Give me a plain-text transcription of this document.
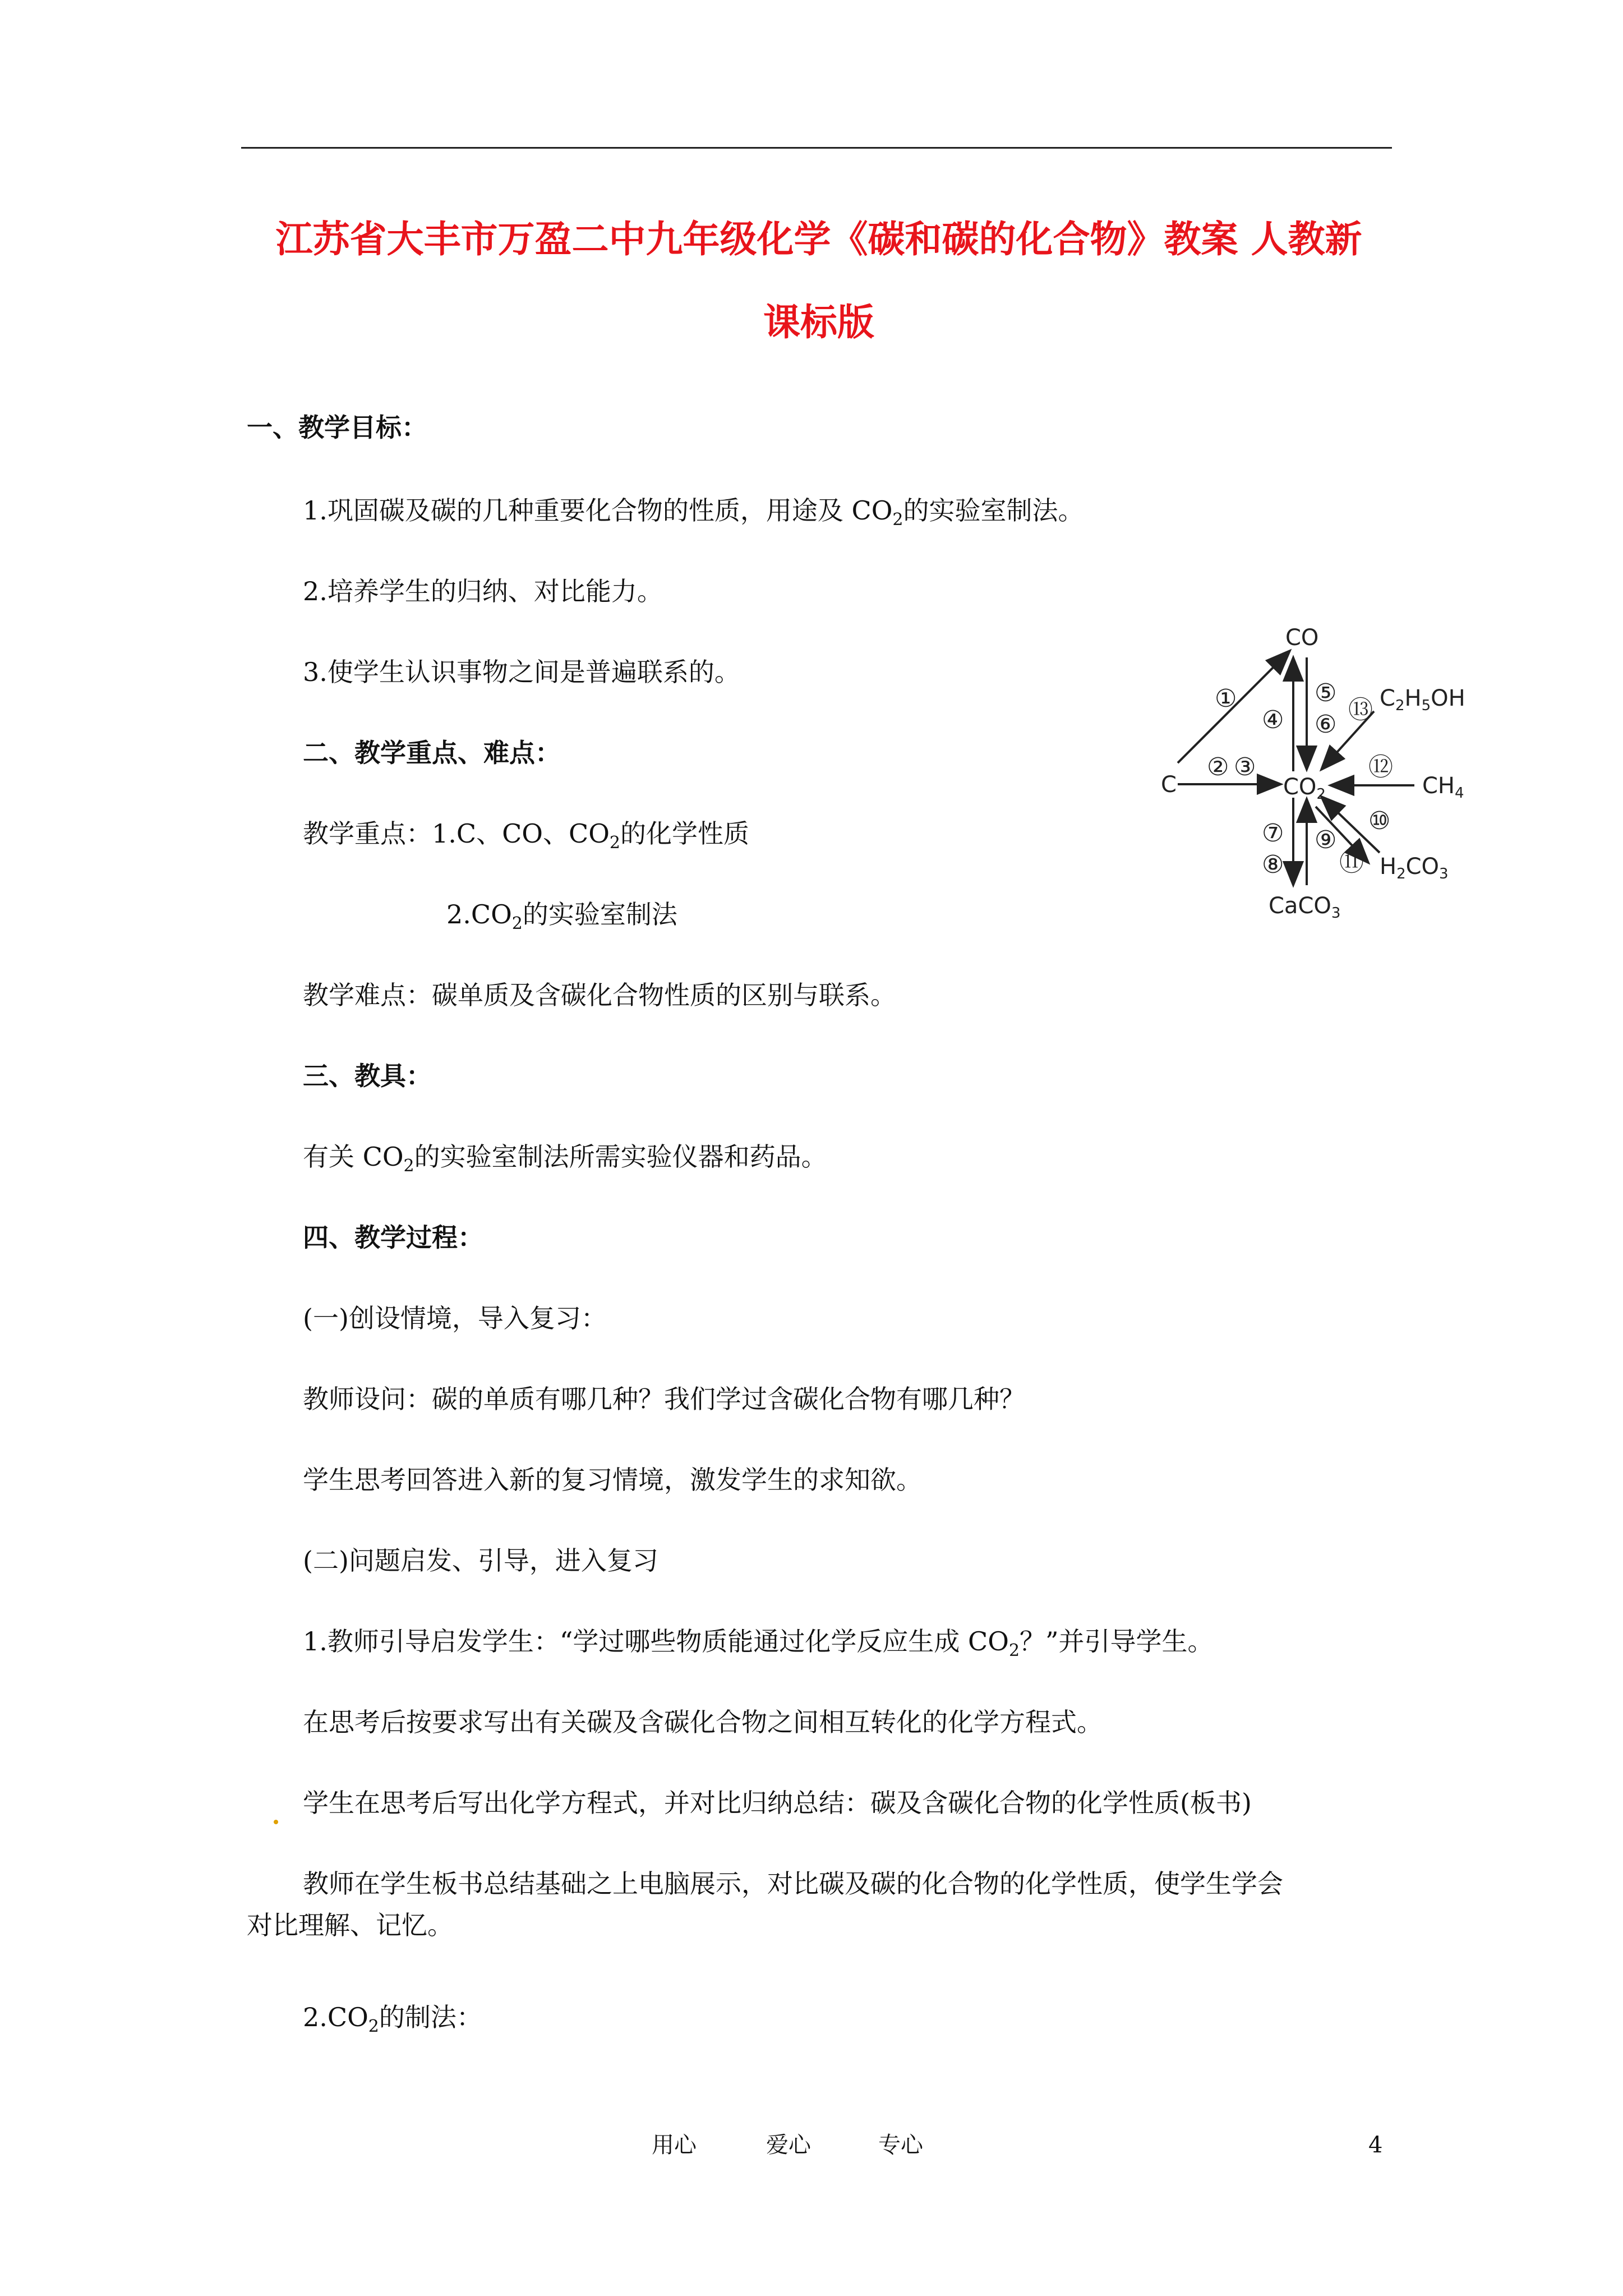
江苏省大丰市万盈二中九年级化学《碳和碳的化合物》教案 人教新
课标版
一、教学目标：
1.巩固碳及碳的几种重要化合物的性质，用途及 $CO_2$的实验室制法。
2.培养学生的归纳、对比能力。
3.使学生认识事物之间是普遍联系的。
二、教学重点、难点：
教学重点：1.C、CO、$CO_2$的化学性质
$2.CO_2$的实验室制法
教学难点：碳单质及含碳化合物性质的区别与联系。
三、教具：
有关 $CO_2$的实验室制法所需实验仪器和药品。
四、教学过程：
(一)创设情境，导入复习：
教师设问：碳的单质有哪几种？我们学过含碳化合物有哪几种？
学生思考回答进入新的复习情境，激发学生的求知欲。
(二)问题启发、引导，进入复习
1.教师引导启发学生：“学过哪些物质能通过化学反应生成 $CO_2$？”并引导学生。
在思考后按要求写出有关碳及含碳化合物之间相互转化的化学方程式。
学生在思考后写出化学方程式，并对比归纳总结：碳及含碳化合物的化学性质(板书)
教师在学生板书总结基础之上电脑展示，对比碳及碳的化合物的化学性质，使学生学会
对比理解、记忆。
$2.CO_2$的制法：
CO
C	$CO_2$
$C_2H_5OH$
$CH_4$
$H_2CO_3$
CaCO$_3$
①
② ③
④
⑤
⑥
⑬
⑫
⑦
⑧
⑨
⑩
⑪
用心	爱心	专心	4
